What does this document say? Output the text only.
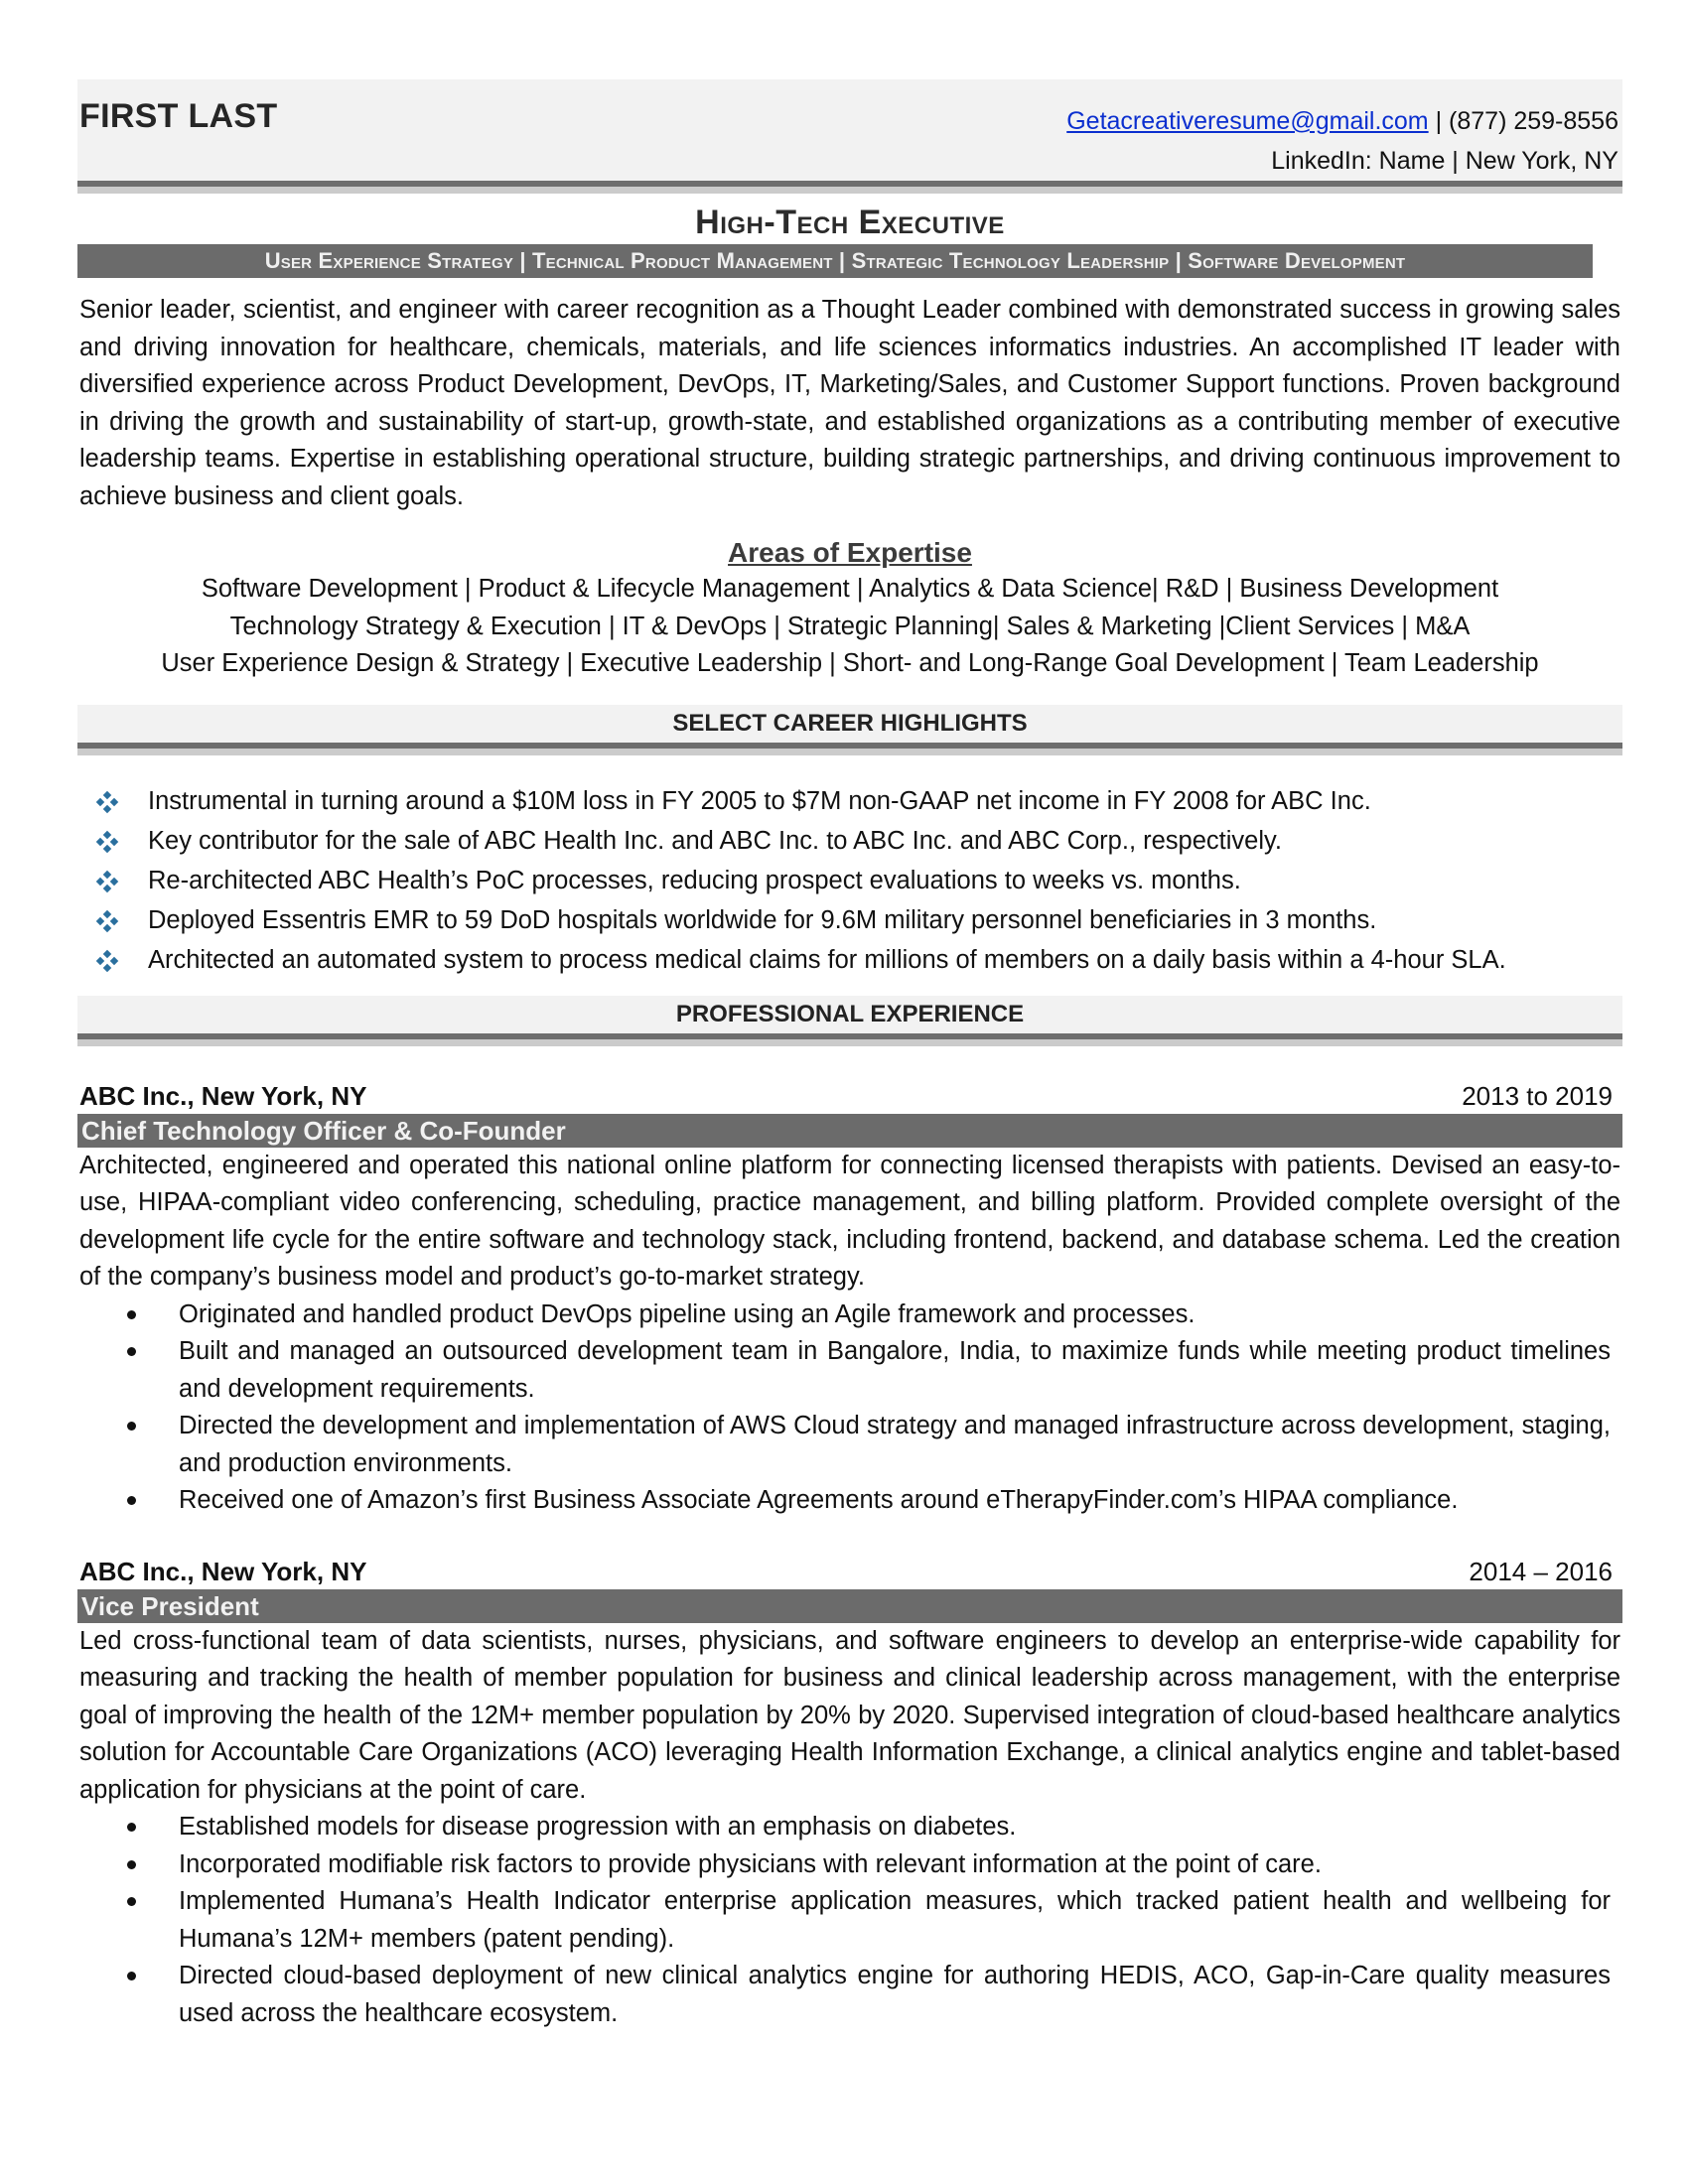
FIRST LAST	Getacreativeresume@gmail.com | (877) 259-8556
LinkedIn: Name | New York, NY
High-Tech Executive
User Experience Strategy | Technical Product Management | Strategic Technology Leadership | Software Development
Senior leader, scientist, and engineer with career recognition as a Thought Leader combined with demonstrated success in growing sales and driving innovation for healthcare, chemicals, materials, and life sciences informatics industries. An accomplished IT leader with diversified experience across Product Development, DevOps, IT, Marketing/Sales, and Customer Support functions. Proven background in driving the growth and sustainability of start-up, growth-state, and established organizations as a contributing member of executive leadership teams. Expertise in establishing operational structure, building strategic partnerships, and driving continuous improvement to achieve business and client goals.
Areas of Expertise
Software Development | Product & Lifecycle Management | Analytics & Data Science| R&D | Business Development
Technology Strategy & Execution | IT & DevOps | Strategic Planning| Sales & Marketing |Client Services | M&A
User Experience Design & Strategy | Executive Leadership | Short- and Long-Range Goal Development | Team Leadership
SELECT CAREER HIGHLIGHTS
Instrumental in turning around a $10M loss in FY 2005 to $7M non-GAAP net income in FY 2008 for ABC Inc.
Key contributor for the sale of ABC Health Inc. and ABC Inc. to ABC Inc. and ABC Corp., respectively.
Re-architected ABC Health’s PoC processes, reducing prospect evaluations to weeks vs. months.
Deployed Essentris EMR to 59 DoD hospitals worldwide for 9.6M military personnel beneficiaries in 3 months.
Architected an automated system to process medical claims for millions of members on a daily basis within a 4-hour SLA.
PROFESSIONAL EXPERIENCE
ABC Inc., New York, NY	2013 to 2019
Chief Technology Officer & Co-Founder
Architected, engineered and operated this national online platform for connecting licensed therapists with patients. Devised an easy-to-use, HIPAA-compliant video conferencing, scheduling, practice management, and billing platform. Provided complete oversight of the development life cycle for the entire software and technology stack, including frontend, backend, and database schema. Led the creation of the company’s business model and product’s go-to-market strategy.
Originated and handled product DevOps pipeline using an Agile framework and processes.
Built and managed an outsourced development team in Bangalore, India, to maximize funds while meeting product timelines and development requirements.
Directed the development and implementation of AWS Cloud strategy and managed infrastructure across development, staging, and production environments.
Received one of Amazon’s first Business Associate Agreements around eTherapyFinder.com’s HIPAA compliance.
ABC Inc., New York, NY	2014 – 2016
Vice President
Led cross-functional team of data scientists, nurses, physicians, and software engineers to develop an enterprise-wide capability for measuring and tracking the health of member population for business and clinical leadership across management, with the enterprise goal of improving the health of the 12M+ member population by 20% by 2020. Supervised integration of cloud-based healthcare analytics solution for Accountable Care Organizations (ACO) leveraging Health Information Exchange, a clinical analytics engine and tablet-based application for physicians at the point of care.
Established models for disease progression with an emphasis on diabetes.
Incorporated modifiable risk factors to provide physicians with relevant information at the point of care.
Implemented Humana’s Health Indicator enterprise application measures, which tracked patient health and wellbeing for Humana’s 12M+ members (patent pending).
Directed cloud-based deployment of new clinical analytics engine for authoring HEDIS, ACO, Gap-in-Care quality measures used across the healthcare ecosystem.
